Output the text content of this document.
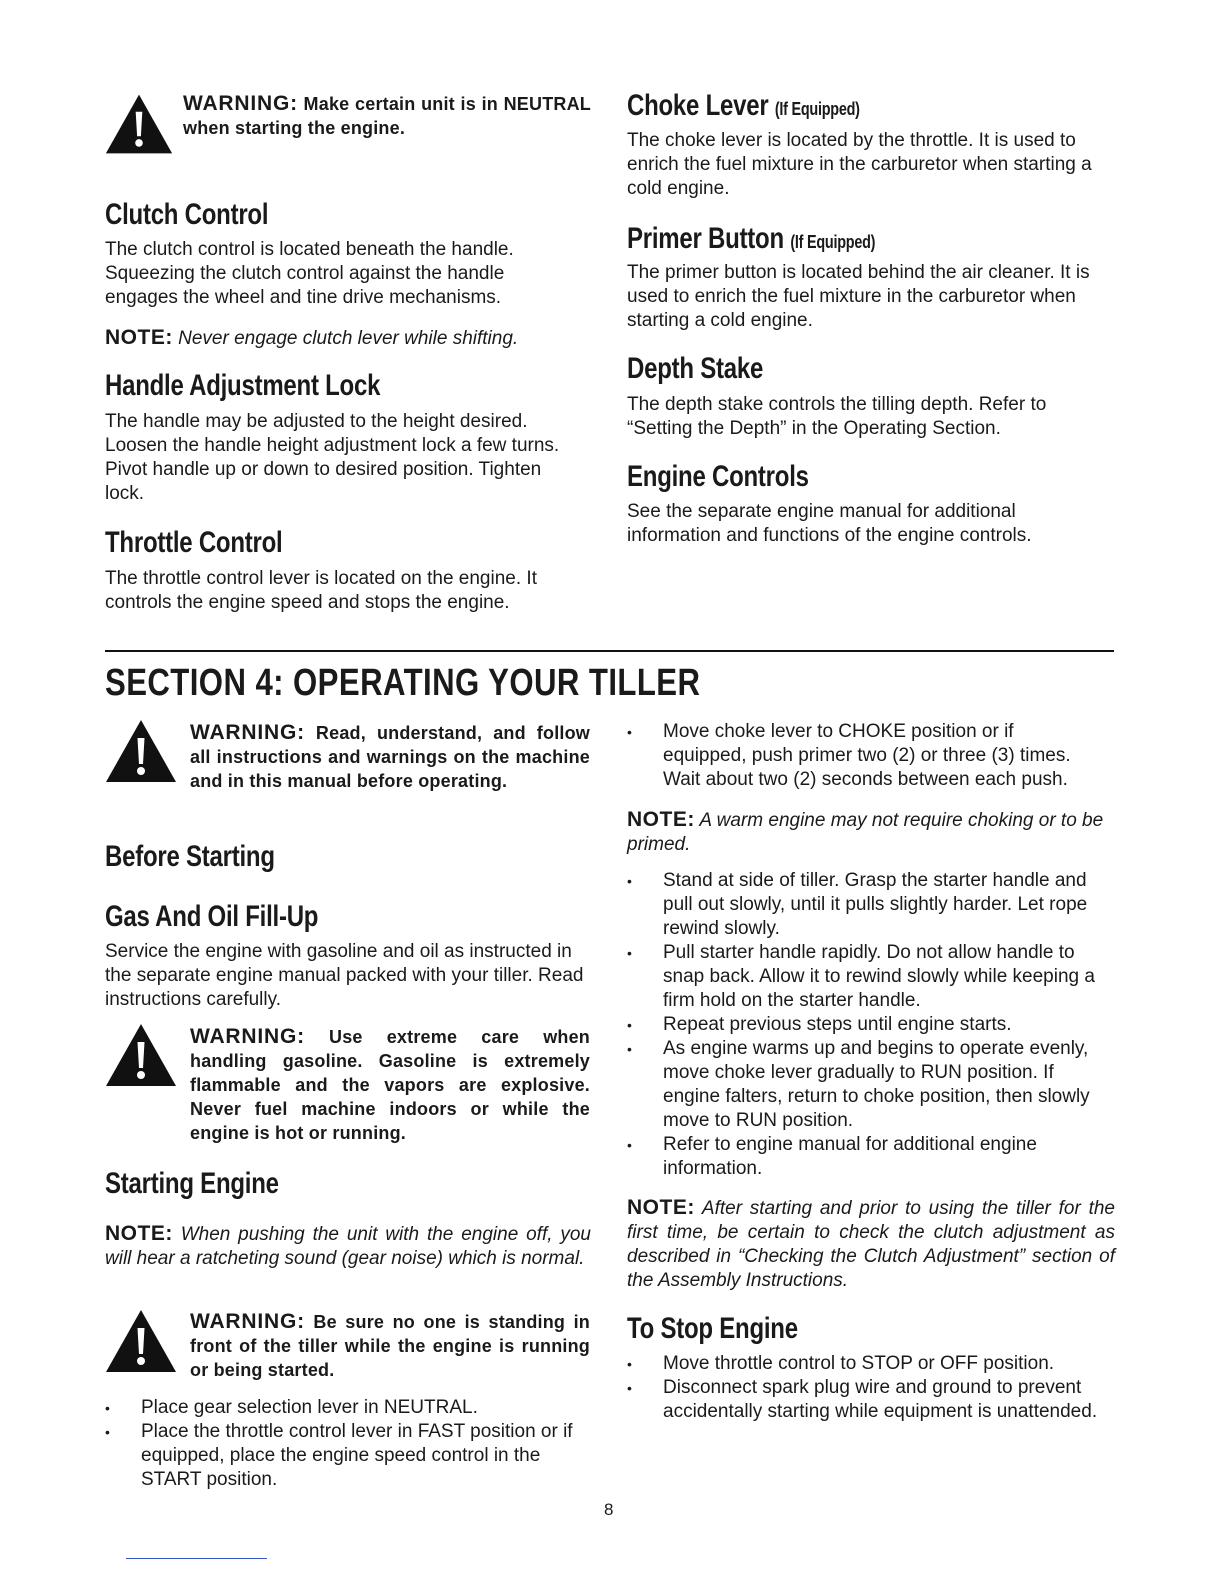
WARNING: Make certain unit is in NEUTRAL when starting the engine.
Clutch Control
The clutch control is located beneath the handle. Squeezing the clutch control against the handle engages the wheel and tine drive mechanisms.
NOTE: Never engage clutch lever while shifting.
Handle Adjustment Lock
The handle may be adjusted to the height desired. Loosen the handle height adjustment lock a few turns. Pivot handle up or down to desired position. Tighten lock.
Throttle Control
The throttle control lever is located on the engine. It controls the engine speed and stops the engine.
Choke Lever (If Equipped)
The choke lever is located by the throttle. It is used to enrich the fuel mixture in the carburetor when starting a cold engine.
Primer Button (If Equipped)
The primer button is located behind the air cleaner. It is used to enrich the fuel mixture in the carburetor when starting a cold engine.
Depth Stake
The depth stake controls the tilling depth. Refer to “Setting the Depth” in the Operating Section.
Engine Controls
See the separate engine manual for additional information and functions of the engine controls.
SECTION 4: OPERATING YOUR TILLER
WARNING: Read, understand, and follow all instructions and warnings on the machine and in this manual before operating.
Before Starting
Gas And Oil Fill-Up
Service the engine with gasoline and oil as instructed in the separate engine manual packed with your tiller. Read instructions carefully.
WARNING: Use extreme care when handling gasoline. Gasoline is extremely flammable and the vapors are explosive. Never fuel machine indoors or while the engine is hot or running.
Starting Engine
NOTE: When pushing the unit with the engine off, you will hear a ratcheting sound (gear noise) which is normal.
WARNING: Be sure no one is standing in front of the tiller while the engine is running or being started.
• Place gear selection lever in NEUTRAL.
• Place the throttle control lever in FAST position or if equipped, place the engine speed control in the START position.
• Move choke lever to CHOKE position or if equipped, push primer two (2) or three (3) times. Wait about two (2) seconds between each push.
NOTE: A warm engine may not require choking or to be primed.
• Stand at side of tiller. Grasp the starter handle and pull out slowly, until it pulls slightly harder. Let rope rewind slowly.
• Pull starter handle rapidly. Do not allow handle to snap back. Allow it to rewind slowly while keeping a firm hold on the starter handle.
• Repeat previous steps until engine starts.
• As engine warms up and begins to operate evenly, move choke lever gradually to RUN position. If engine falters, return to choke position, then slowly move to RUN position.
• Refer to engine manual for additional engine information.
NOTE: After starting and prior to using the tiller for the first time, be certain to check the clutch adjustment as described in “Checking the Clutch Adjustment” section of the Assembly Instructions.
To Stop Engine
• Move throttle control to STOP or OFF position.
• Disconnect spark plug wire and ground to prevent accidentally starting while equipment is unattended.
8
